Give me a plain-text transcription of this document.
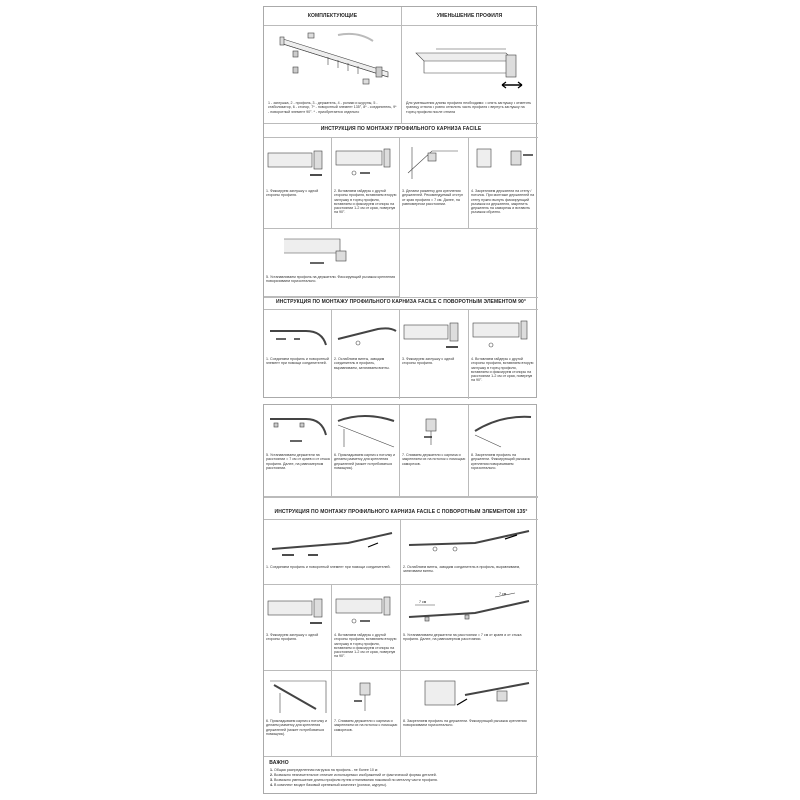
КОМПЛЕКТУЮЩИЕ	УМЕНЬШЕНИЕ ПРОФИЛЯ
1 - заглушка, 2 - профиль, 3 - держатель, 4 - ролики и шурупы, 5 - стабилизатор, 6 - стопор, 7* - поворотный элемент 135°, 8* - соединитель, 9* - поворотный элемент 90°. * - приобретается отдельно
Для уменьшения длины профиля необходимо: • снять заглушку • отметить границу отпила • ровно отпилить часть профиля • вернуть заглушку на торец профиля после отпила
ИНСТРУКЦИЯ ПО МОНТАЖУ ПРОФИЛЬНОГО КАРНИЗА FACILE
1. Фиксируем заглушку с одной стороны профиля.
2. Вставляем гайдеры с другой стороны профиля, вставляем вторую заглушку в торец профиля, вставляем и фиксируем стопоры на расстоянии 1-2 см от края, повернув на 90°.
3. Делаем разметку для крепления держателей. Рекомендуемый отступ от края профиля = 7 см. Далее, на равномерном расстоянии.
4. Закрепляем держатели на стену / потолок. При монтаже держателей на стену нужно вынуть фиксирующий рычажок из держателя, закрепить держатель на саморезы и вставить рычажок обратно.
5. Устанавливаем профиль на держатели. Фиксирующий рычажок крепления поворачиваем горизонтально.
ИНСТРУКЦИЯ ПО МОНТАЖУ ПРОФИЛЬНОГО КАРНИЗА FACILE С ПОВОРОТНЫМ ЭЛЕМЕНТОМ 90°
1. Соединяем профиль и поворотный элемент при помощи соединителей.
2. Ослабляем винты, заводим соединитель в профиль, выравниваем, затягиваем винты.
3. Фиксируем заглушку с одной стороны профиля.
4. Вставляем гайдеры с другой стороны профиля, вставляем вторую заглушку в торец профиля, вставляем и фиксируем стопоры на расстоянии 1-2 см от края, повернув на 90°.
5. Устанавливаем держатели на расстоянии = 7 см от краев и от стыка профиля. Далее, на равномерном расстоянии.
6. Прикладываем карниз к потолку и делаем разметку для крепления держателей (может потребоваться помощник).
7. Снимаем держатели с карниза и закрепляем их на потолок с помощью саморезов.
8. Закрепляем профиль на держатели. Фиксирующий рычажок крепления поворачиваем горизонтально.
ИНСТРУКЦИЯ ПО МОНТАЖУ ПРОФИЛЬНОГО КАРНИЗА FACILE С ПОВОРОТНЫМ ЭЛЕМЕНТОМ 135°
1. Соединяем профиль и поворотный элемент при помощи соединителей.	2. Ослабляем винты, заводим соединитель в профиль, выравниваем, затягиваем винты.
3. Фиксируем заглушку с одной стороны профиля.
4. Вставляем гайдеры с другой стороны профиля, вставляем вторую заглушку в торец профиля, вставляем и фиксируем стопоры на расстоянии 1-2 см от края, повернув на 90°.
7 см
7 см
5. Устанавливаем держатели на расстоянии = 7 см от краев и от стыка профиля. Далее, на равномерном расстоянии.
6. Прикладываем карниз к потолку и делаем разметку для крепления держателей (может потребоваться помощник).
7. Снимаем держатели с карниза и закрепляем их на потолок с помощью саморезов.
8. Закрепляем профиль на держатели. Фиксирующий рычажок крепления поворачиваем горизонтально.
ВАЖНО
1. Общая распределенная нагрузка на профиль - не более 10 кг.
2. Возможно незначительное отличие используемых изображений от фактической формы деталей.
3. Возможно уменьшение длины профиля путем отпиливания ножовкой по металлу части профиля.
4. В комплект входит базовый крепежный комплект (ролики, шурупы).
